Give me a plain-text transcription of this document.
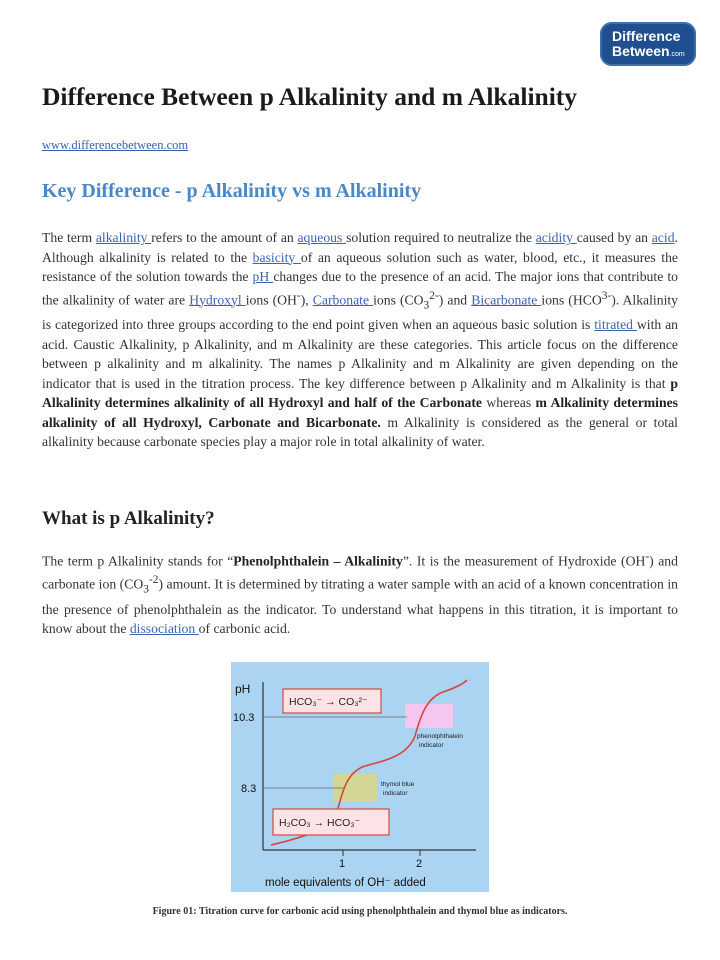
Difference
Between.com
Difference Between p Alkalinity and m Alkalinity
www.differencebetween.com
Key Difference - p Alkalinity vs m Alkalinity

The term alkalinity refers to the amount of an aqueous solution required to neutralize the acidity caused by an acid. Although alkalinity is related to the basicity of an aqueous solution such as water, blood, etc., it measures the resistance of the solution towards the pH changes due to the presence of an acid. The major ions that contribute to the alkalinity of water are Hydroxyl ions (OH-), Carbonate ions $(CO_3^{2-})$ and Bicarbonate ions $(HCO^{3-})$. Alkalinity is categorized into three groups according to the end point given when an aqueous basic solution is titrated with an acid. Caustic Alkalinity, p Alkalinity, and m Alkalinity are these categories. This article focus on the difference between p alkalinity and m alkalinity. The names p Alkalinity and m Alkalinity are given depending on the indicator that is used in the titration process. The key difference between p Alkalinity and m Alkalinity is that p Alkalinity determines alkalinity of all Hydroxyl and half of the Carbonate whereas m Alkalinity determines alkalinity of all Hydroxyl, Carbonate and Bicarbonate. m Alkalinity is considered as the general or total alkalinity because carbonate species play a major role in total alkalinity of water.

What is p Alkalinity?

The term p Alkalinity stands for “Phenolphthalein – Alkalinity”. It is the measurement of Hydroxide (OH-) and carbonate ion $(CO_3^{-2})$ amount. It is determined by titrating a water sample with an acid of a known concentration in the presence of phenolphthalein as the indicator. To understand what happens in this titration, it is important to know about the dissociation of carbonic acid.

HCO₃⁻ → CO₃²⁻
H₂CO₃ → HCO₃⁻
pH
10.3
8.3
1	2
mole equivalents of OH⁻ added
phenolphthalein
indicator
thymol blue
indicator

Figure 01: Titration curve for carbonic acid using phenolphthalein and thymol blue as indicators.
